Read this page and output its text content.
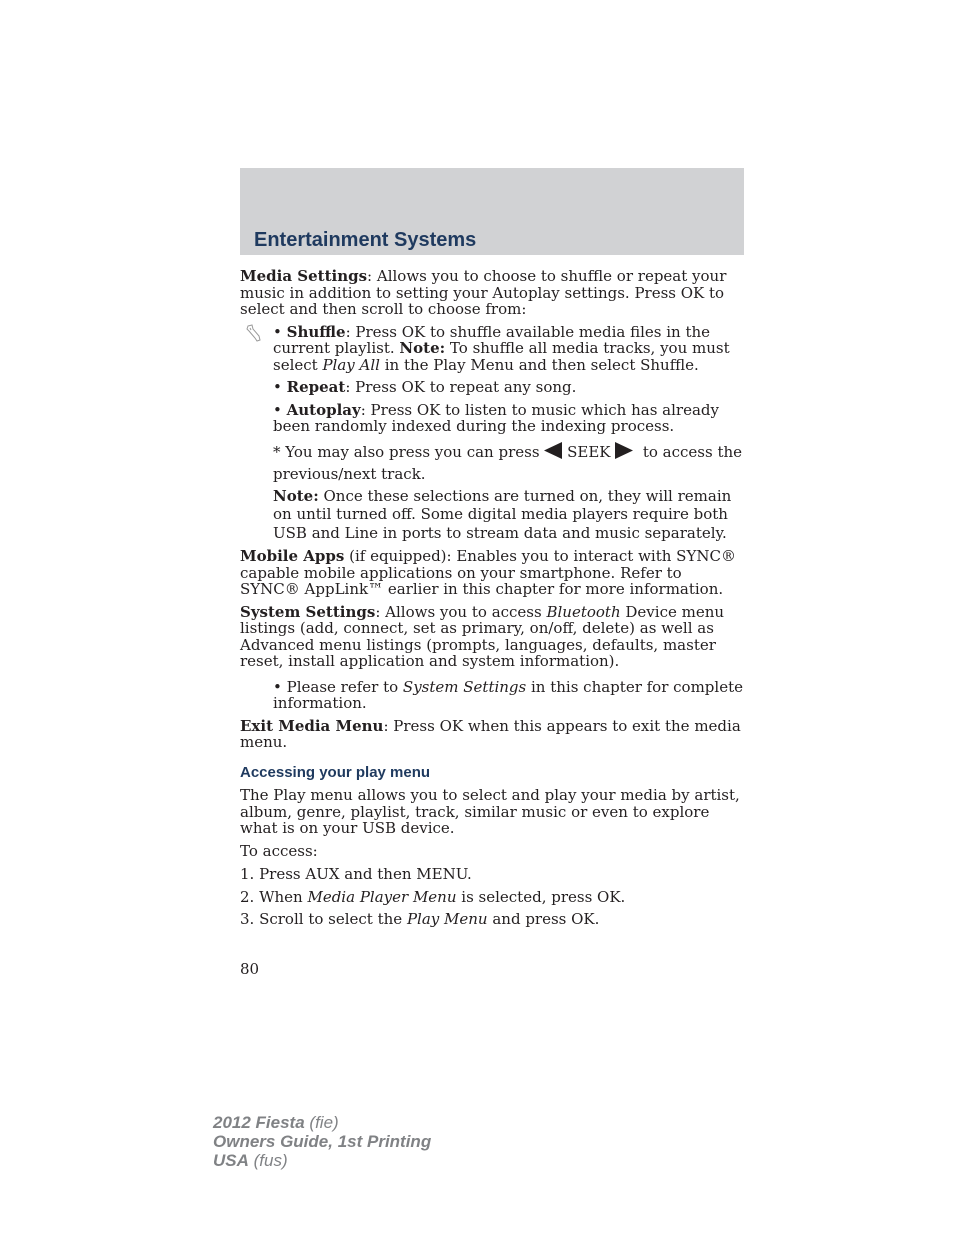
Entertainment Systems

Media Settings: Allows you to choose to shuffle or repeat your music in addition to setting your Autoplay settings. Press OK to select and then scroll to choose from:

• Shuffle: Press OK to shuffle available media files in the current playlist. Note: To shuffle all media tracks, you must select Play All in the Play Menu and then select Shuffle.

• Repeat: Press OK to repeat any song.

• Autoplay: Press OK to listen to music which has already been randomly indexed during the indexing process.

* You may also press you can press SEEK to access the previous/next track.

Note: Once these selections are turned on, they will remain on until turned off. Some digital media players require both USB and Line in ports to stream data and music separately.

Mobile Apps (if equipped): Enables you to interact with SYNC® capable mobile applications on your smartphone. Refer to SYNC® AppLink™ earlier in this chapter for more information.

System Settings: Allows you to access Bluetooth Device menu listings (add, connect, set as primary, on/off, delete) as well as Advanced menu listings (prompts, languages, defaults, master reset, install application and system information).

• Please refer to System Settings in this chapter for complete information.

Exit Media Menu: Press OK when this appears to exit the media menu.

Accessing your play menu

The Play menu allows you to select and play your media by artist, album, genre, playlist, track, similar music or even to explore what is on your USB device.

To access:

1. Press AUX and then MENU.

2. When Media Player Menu is selected, press OK.

3. Scroll to select the Play Menu and press OK.

80
2012 Fiesta (fie)
Owners Guide, 1st Printing
USA (fus)
